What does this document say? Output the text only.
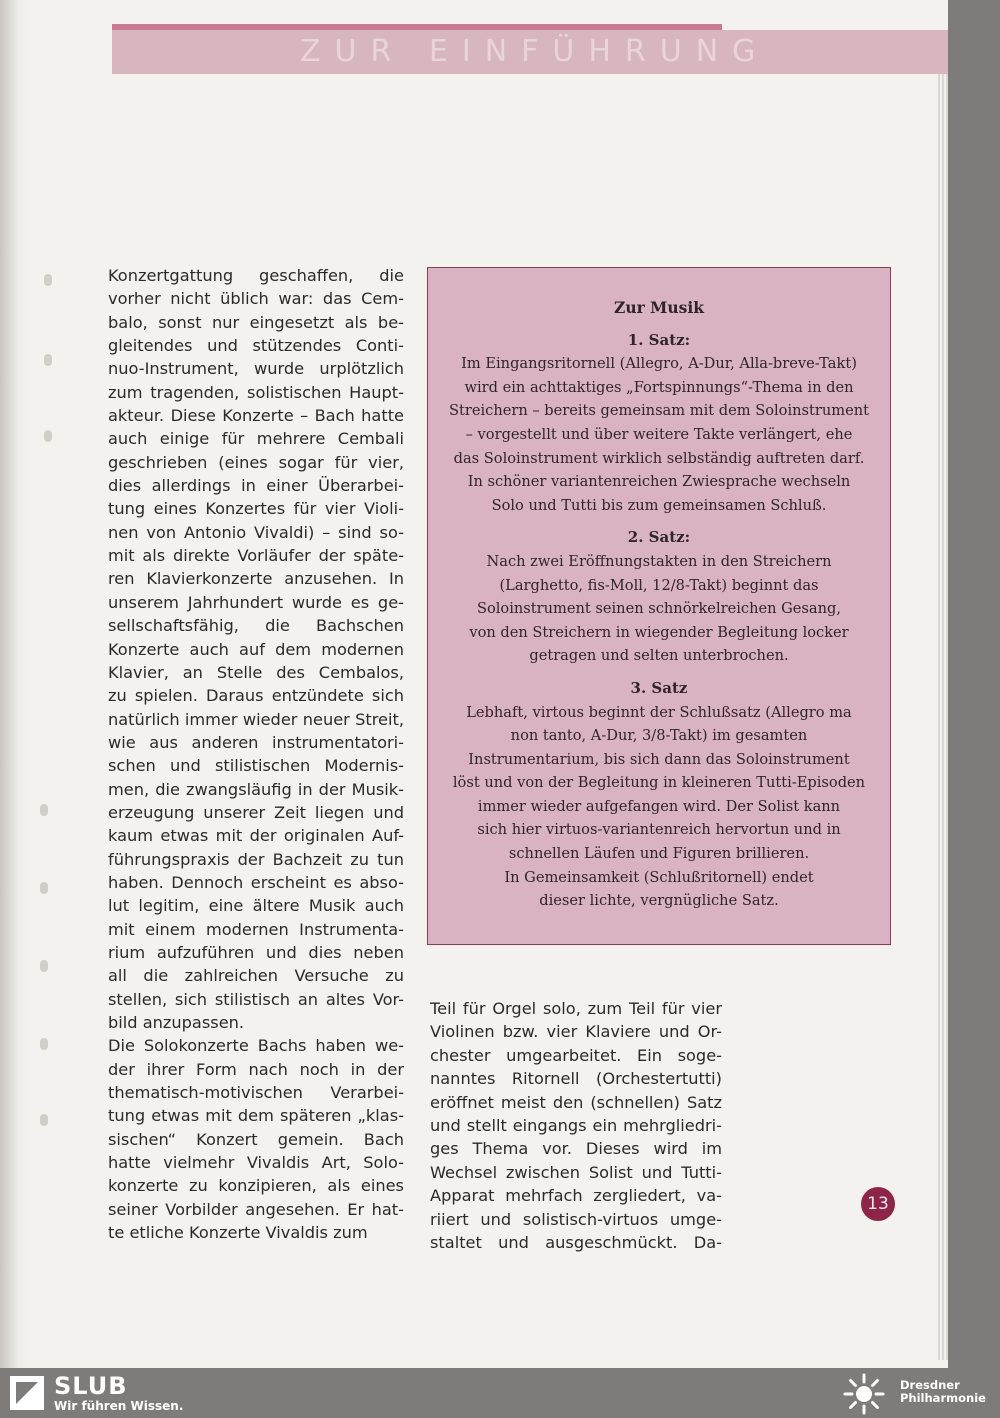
ZUR EINFÜHRUNG
Konzertgattung geschaffen, die
vorher nicht üblich war: das Cem-
balo, sonst nur eingesetzt als be-
gleitendes und stützendes Conti-
nuo-Instrument, wurde urplötzlich
zum tragenden, solistischen Haupt-
akteur. Diese Konzerte – Bach hatte
auch einige für mehrere Cembali
geschrieben (eines sogar für vier,
dies allerdings in einer Überarbei-
tung eines Konzertes für vier Violi-
nen von Antonio Vivaldi) – sind so-
mit als direkte Vorläufer der späte-
ren Klavierkonzerte anzusehen. In
unserem Jahrhundert wurde es ge-
sellschaftsfähig, die Bachschen
Konzerte auch auf dem modernen
Klavier, an Stelle des Cembalos,
zu spielen. Daraus entzündete sich
natürlich immer wieder neuer Streit,
wie aus anderen instrumentatori-
schen und stilistischen Modernis-
men, die zwangsläufig in der Musik-
erzeugung unserer Zeit liegen und
kaum etwas mit der originalen Auf-
führungspraxis der Bachzeit zu tun
haben. Dennoch erscheint es abso-
lut legitim, eine ältere Musik auch
mit einem modernen Instrumenta-
rium aufzuführen und dies neben
all die zahlreichen Versuche zu
stellen, sich stilistisch an altes Vor-
bild anzupassen.
Die Solokonzerte Bachs haben we-
der ihrer Form nach noch in der
thematisch-motivischen Verarbei-
tung etwas mit dem späteren „klas-
sischen“ Konzert gemein. Bach
hatte vielmehr Vivaldis Art, Solo-
konzerte zu konzipieren, als eines
seiner Vorbilder angesehen. Er hat-
te etliche Konzerte Vivaldis zum
Zur Musik
1. Satz:
Im Eingangsritornell (Allegro, A-Dur, Alla-breve-Takt)
wird ein achttaktiges „Fortspinnungs“-Thema in den
Streichern – bereits gemeinsam mit dem Soloinstrument
– vorgestellt und über weitere Takte verlängert, ehe
das Soloinstrument wirklich selbständig auftreten darf.
In schöner variantenreichen Zwiesprache wechseln
Solo und Tutti bis zum gemeinsamen Schluß.
2. Satz:
Nach zwei Eröffnungstakten in den Streichern
(Larghetto, fis-Moll, 12/8-Takt) beginnt das
Soloinstrument seinen schnörkelreichen Gesang,
von den Streichern in wiegender Begleitung locker
getragen und selten unterbrochen.
3. Satz
Lebhaft, virtous beginnt der Schlußsatz (Allegro ma
non tanto, A-Dur, 3/8-Takt) im gesamten
Instrumentarium, bis sich dann das Soloinstrument
löst und von der Begleitung in kleineren Tutti-Episoden
immer wieder aufgefangen wird. Der Solist kann
sich hier virtuos-variantenreich hervortun und in
schnellen Läufen und Figuren brillieren.
In Gemeinsamkeit (Schlußritornell) endet
dieser lichte, vergnügliche Satz.
Teil für Orgel solo, zum Teil für vier
Violinen bzw. vier Klaviere und Or-
chester umgearbeitet. Ein soge-
nanntes Ritornell (Orchestertutti)
eröffnet meist den (schnellen) Satz
und stellt eingangs ein mehrgliedri-
ges Thema vor. Dieses wird im
Wechsel zwischen Solist und Tutti-
Apparat mehrfach zergliedert, va-
riiert und solistisch-virtuos umge-
staltet und ausgeschmückt. Da-
13
SLUB
Wir führen Wissen.
Dresdner
Philharmonie
